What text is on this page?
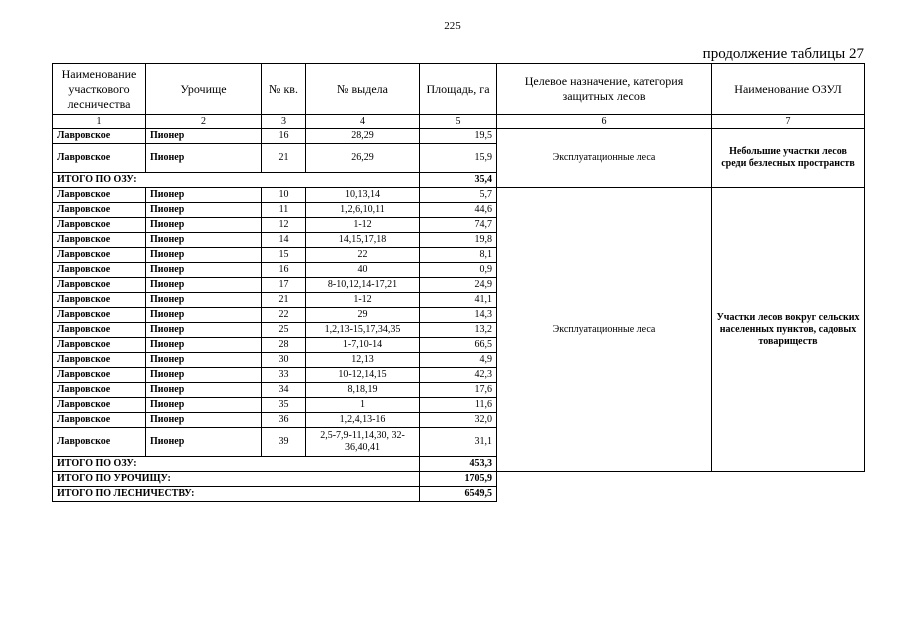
225
продолжение таблицы 27
Наименование участкового лесничества	Урочище	№ кв.	№ выдела	Площадь, га	Целевое назначение, категория защитных лесов	Наименование ОЗУЛ
1	2	3	4	5	6	7
Лавровское	Пионер	16	28,29	19,5	Эксплуатационные леса	Небольшие участки лесов среди безлесных пространств
Лавровское	Пионер	21	26,29	15,9		
ИТОГО ПО ОЗУ:				35,4		
Лавровское	Пионер	10	10,13,14	5,7	Эксплуатационные леса	Участки лесов вокруг сельских населенных пунктов, садовых товариществ
Лавровское	Пионер	11	1,2,6,10,11	44,6		
Лавровское	Пионер	12	1-12	74,7		
Лавровское	Пионер	14	14,15,17,18	19,8		
Лавровское	Пионер	15	22	8,1		
Лавровское	Пионер	16	40	0,9		
Лавровское	Пионер	17	8-10,12,14-17,21	24,9		
Лавровское	Пионер	21	1-12	41,1		
Лавровское	Пионер	22	29	14,3		
Лавровское	Пионер	25	1,2,13-15,17,34,35	13,2		
Лавровское	Пионер	28	1-7,10-14	66,5		
Лавровское	Пионер	30	12,13	4,9		
Лавровское	Пионер	33	10-12,14,15	42,3		
Лавровское	Пионер	34	8,18,19	17,6		
Лавровское	Пионер	35	1	11,6		
Лавровское	Пионер	36	1,2,4,13-16	32,0		
Лавровское	Пионер	39	2,5-7,9-11,14,30, 32-36,40,41	31,1		
ИТОГО ПО ОЗУ:				453,3		
ИТОГО ПО УРОЧИЩУ:				1705,9		
ИТОГО ПО ЛЕСНИЧЕСТВУ:				6549,5		
